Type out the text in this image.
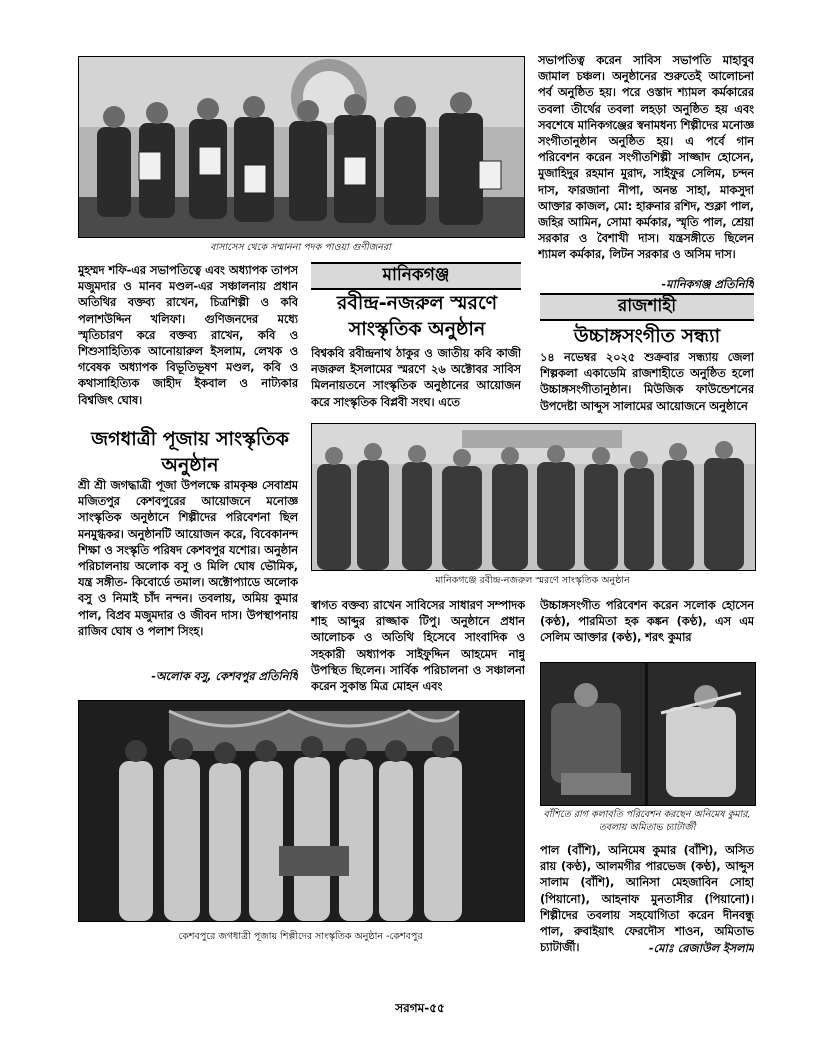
বাসাসেস থেকে সম্মাননা পদক পাওয়া গুণীজনরা
মুহম্মদ শফি-এর সভাপতিত্বে এবং অধ্যাপক তাপস মজুমদার ও মানব মণ্ডল-এর সঞ্চালনায় প্রধান অতিথির বক্তব্য রাখেন, চিত্রশিল্পী ও কবি পলাশউদ্দিন খলিফা। গুণিজনদের মধ্যে স্মৃতিচারণ করে বক্তব্য রাখেন, কবি ও শিশুসাহিত্যিক আনোয়ারুল ইসলাম, লেখক ও গবেষক অধ্যাপক বিভূতিভূষণ মণ্ডল, কবি ও কথাসাহিত্যিক জাহীদ ইকবাল ও নাট্যকার বিশ্বজিৎ ঘোষ।
জগধাত্রী পূজায় সাংস্কৃতিক অনুষ্ঠান
শ্রী শ্রী জগদ্ধাত্রী পূজা উপলক্ষে রামকৃষ্ণ সেবাশ্রম মজিতপুর কেশবপুরের আয়োজনে মনোজ্ঞ সাংস্কৃতিক অনুষ্ঠানে শিল্পীদের পরিবেশনা ছিল মনমুগ্ধকর। অনুষ্ঠানটি আয়োজন করে, বিবেকানন্দ শিক্ষা ও সংস্কৃতি পরিষদ কেশবপুর যশোর। অনুষ্ঠান পরিচালনায় অলোক বসু ও মিলি ঘোষ ভৌমিক, যন্ত্র সঙ্গীত- কিবোর্ডে তমাল। অক্টোপ্যাডে অলোক বসু ও নিমাই চাঁদ নন্দন। তবলায়, অমিয় কুমার পাল, বিপ্রব মজুমদার ও জীবন দাস। উপস্থাপনায় রাজিব ঘোষ ও পলাশ সিংহ।
-অলোক বসু, কেশবপুর প্রতিনিধি
মানিকগঞ্জ
রবীন্দ্র-নজরুল স্মরণে সাংস্কৃতিক অনুষ্ঠান
বিশ্বকবি রবীন্দ্রনাথ ঠাকুর ও জাতীয় কবি কাজী নজরুল ইসলামের স্মরণে ২৬ অক্টোবর সাবিস মিলনায়তনে সাংস্কৃতিক অনুষ্ঠানের আয়োজন করে সাংস্কৃতিক বিপ্লবী সংঘ। এতে
মানিকগঞ্জে রবীন্দ্র-নজরুল স্মরণে সাংস্কৃতিক অনুষ্ঠান
স্বাগত বক্তব্য রাখেন সাবিসের সাধারণ সম্পাদক শাহ আব্দুর রাজ্জাক টিপু। অনুষ্ঠানে প্রধান আলোচক ও অতিথি হিসেবে সাংবাদিক ও সহকারী অধ্যাপক সাইফুদ্দিন আহমেদ নান্নু উপস্থিত ছিলেন। সার্বিক পরিচালনা ও সঞ্চালনা করেন সুকান্ত মিত্র মোহন এবং
সভাপতিত্ব করেন সাবিস সভাপতি মাহাবুব জামাল চঞ্চল। অনুষ্ঠানের শুরুতেই আলোচনা পর্ব অনুষ্ঠিত হয়। পরে ওস্তাদ শ্যামল কর্মকারের তবলা তীর্থের তবলা লহড়া অনুষ্ঠিত হয় এবং সবশেষে মানিকগঞ্জের স্বনামধন্য শিল্পীদের মনোজ্ঞ সংগীতানুষ্ঠান অনুষ্ঠিত হয়। এ পর্বে গান পরিবেশন করেন সংগীতশিল্পী সাজ্জাদ হোসেন, মুজাহিদুর রহমান মুরাদ, সাইফুর সেলিম, চন্দন দাস, ফারজানা নীপা, অনন্ত সাহা, মাকসুদা আক্তার কাজল, মো: হারুনার রশিদ, শুক্লা পাল, জহির আমিন, সোমা কর্মকার, স্মৃতি পাল, শ্রেয়া সরকার ও বৈশাখী দাস। যন্ত্রসঙ্গীতে ছিলেন শ্যামল কর্মকার, লিটন সরকার ও অসিম দাস।
-মানিকগঞ্জ প্রতিনিধি
রাজশাহী
উচ্চাঙ্গসংগীত সন্ধ্যা
১৪ নভেম্বর ২০২৫ শুক্রবার সন্ধ্যায় জেলা শিল্পকলা একাডেমি রাজশাহীতে অনুষ্ঠিত হলো উচ্চাঙ্গসংগীতানুষ্ঠান। মিউজিক ফাউন্ডেশনের উপদেষ্টা আব্দুস সালামের আয়োজনে অনুষ্ঠানে
উচ্চাঙ্গসংগীত পরিবেশন করেন সলোক হোসেন (কণ্ঠ), পারমিতা হক কঙ্কন (কণ্ঠ), এস এম সেলিম আক্তার (কণ্ঠ), শরৎ কুমার
বাঁশিতে রাগ কলাবতি পরিবেশন করছেন অনিমেষ কুমার, তবলায় অমিতাভ চ্যাটার্জী
পাল (বাঁশি), অনিমেষ কুমার (বাঁশি), অসিত রায় (কণ্ঠ), আলমগীর পারভেজ (কণ্ঠ), আব্দুস সালাম (বাঁশি), আনিসা মেহজাবিন সোহা (পিয়ানো), আহনাফ মুনতাসীর (পিয়ানো)। শিল্পীদের তবলায় সহযোগিতা করেন দীনবন্ধু পাল, রুবাইয়াৎ ফেরদৌস শাওন, অমিতাভ চ্যাটার্জী।	-মোঃ রেজাউল ইসলাম
কেশবপুরে জগধাত্রী পূজায় শিল্পীদের সাংস্কৃতিক অনুষ্ঠান -কেশবপুর
সরগম-৫৫
